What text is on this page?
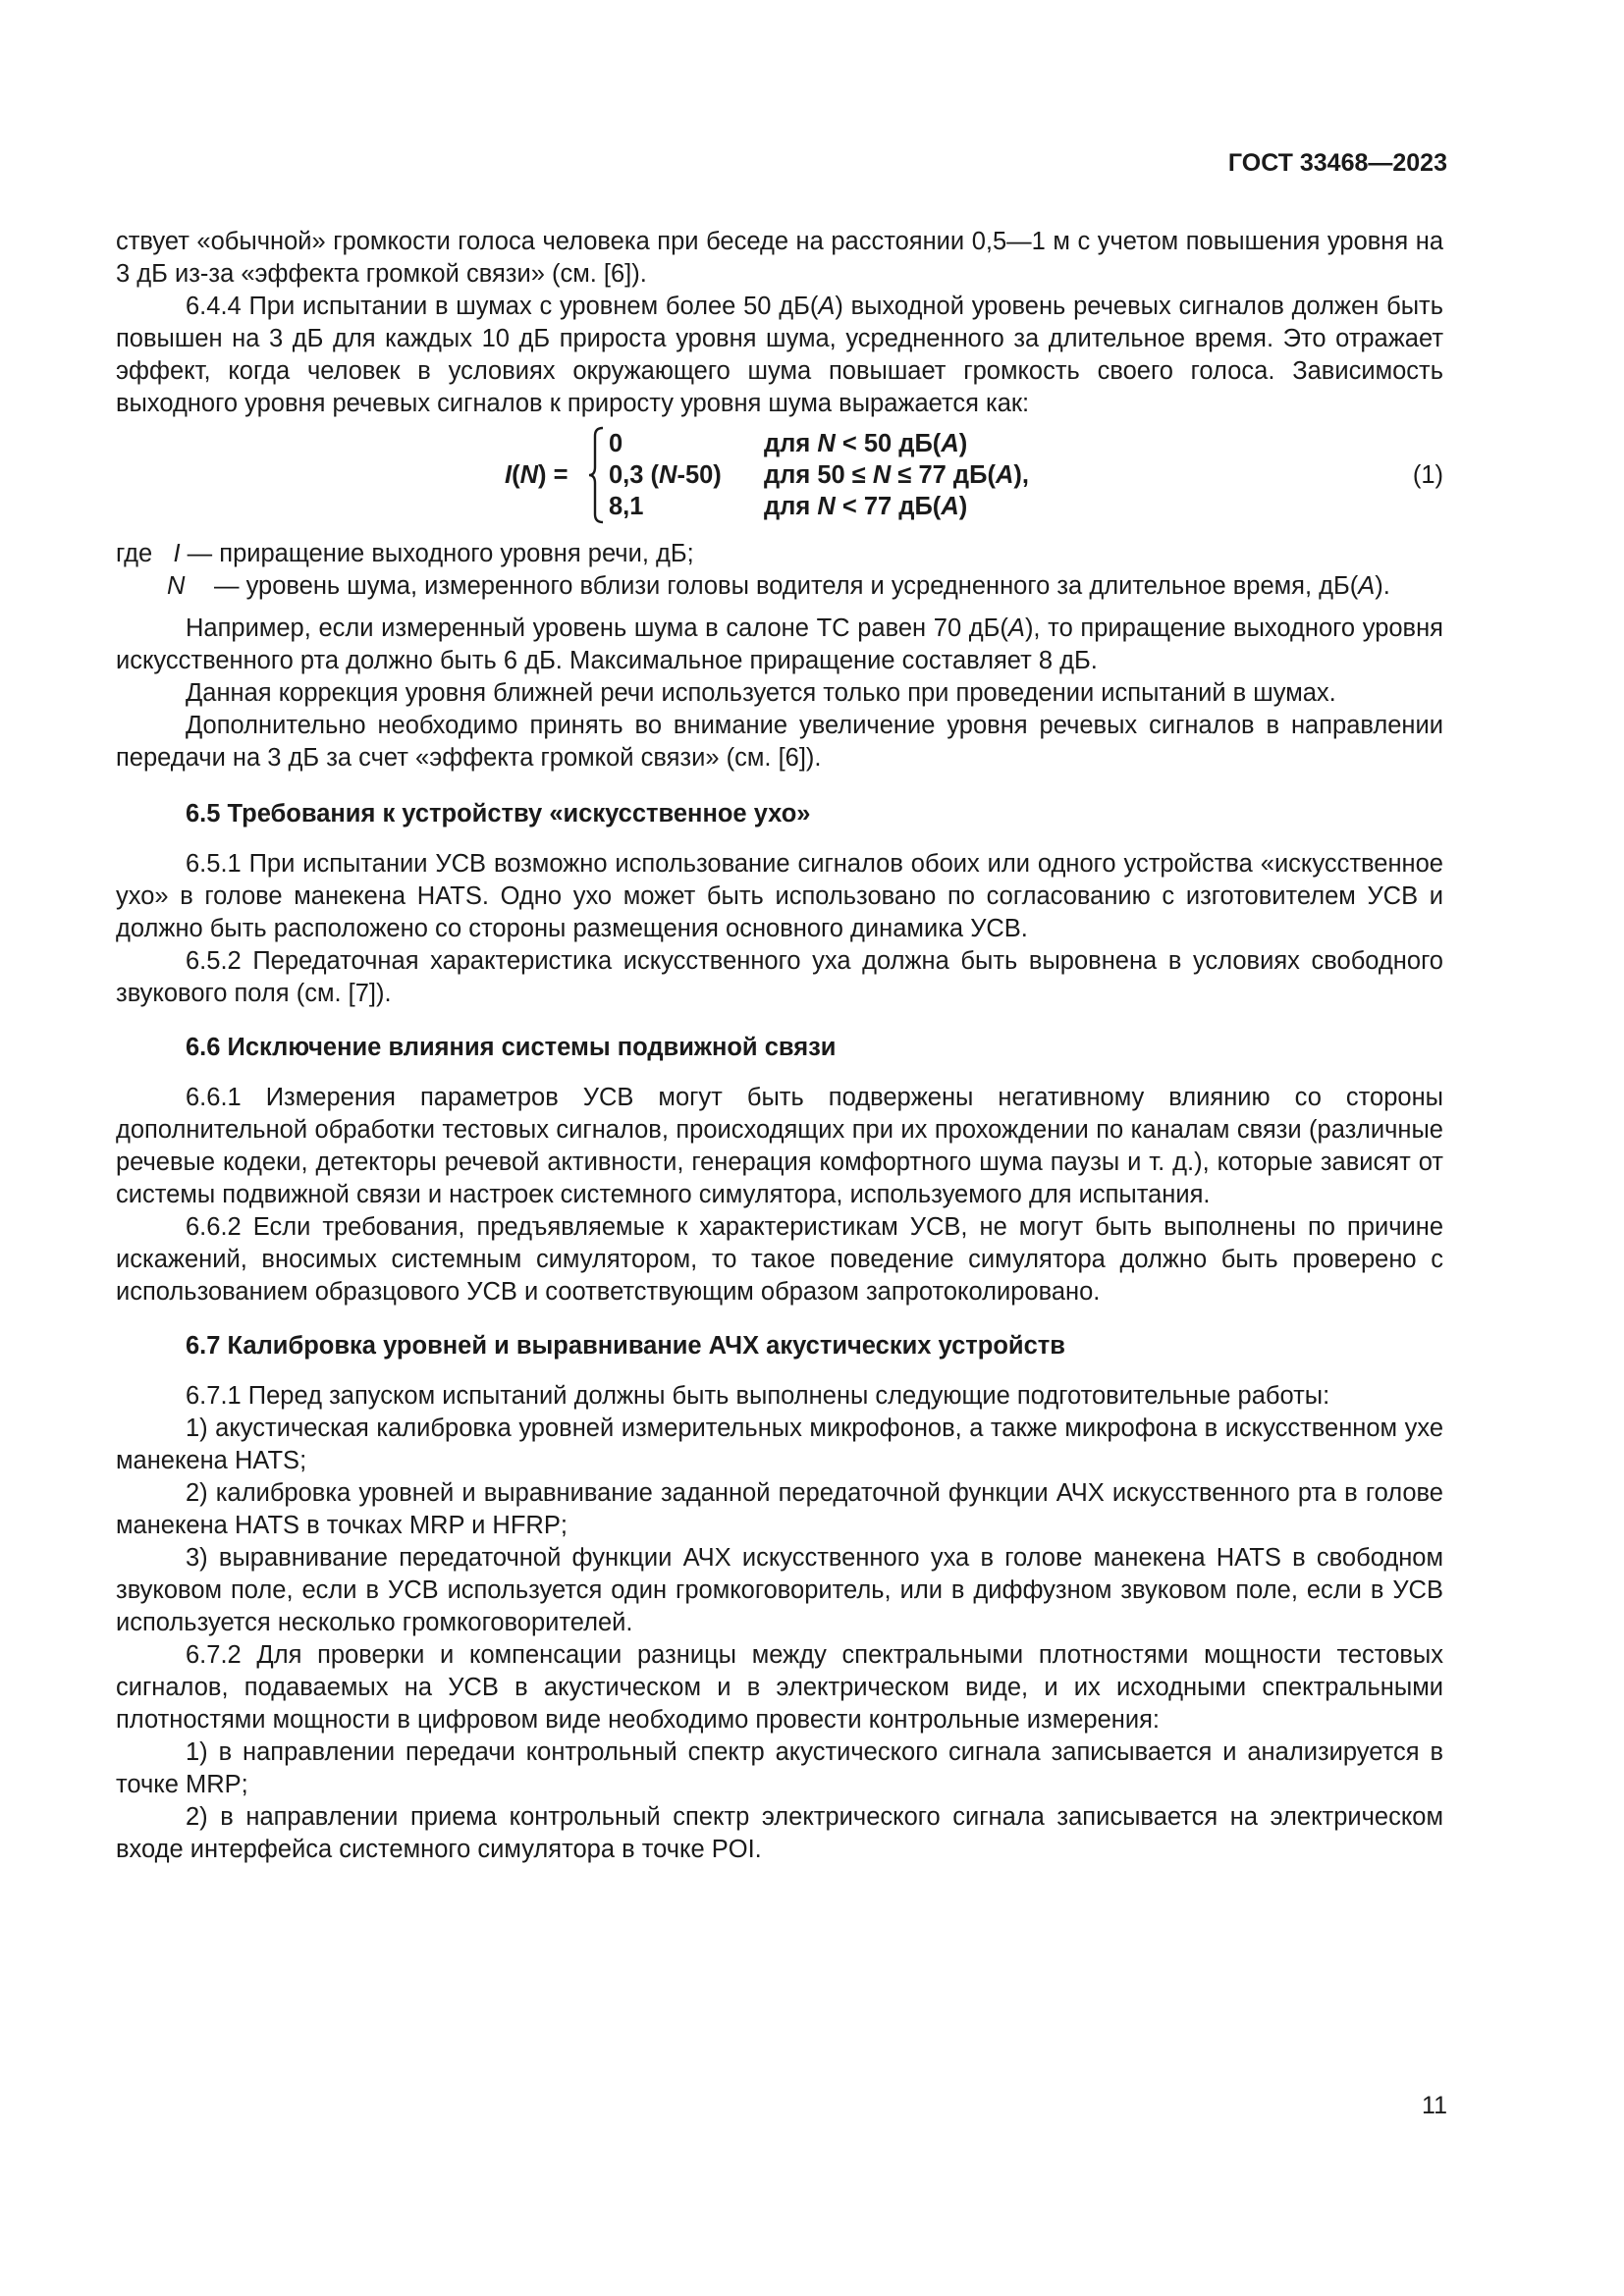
ГОСТ 33468—2023

ствует «обычной» громкости голоса человека при беседе на расстоянии 0,5—1 м с учетом повышения уровня на 3 дБ из-за «эффекта громкой связи» (см. [6]).

6.4.4 При испытании в шумах с уровнем более 50 дБ(A) выходной уровень речевых сигналов должен быть повышен на 3 дБ для каждых 10 дБ прироста уровня шума, усредненного за длительное время. Это отражает эффект, когда человек в условиях окружающего шума повышает громкость своего голоса. Зависимость выходного уровня речевых сигналов к приросту уровня шума выражается как:

I(N) =
0
0,3 (N-50)
8,1
для N < 50 дБ(A)
для 50 ≤ N ≤ 77 дБ(A),
для N < 77 дБ(A)
(1)
где I — приращение выходного уровня речи, дБ;
N	— уровень шума, измеренного вблизи головы водителя и усредненного за длительное время, дБ(A).

Например, если измеренный уровень шума в салоне ТС равен 70 дБ(A), то приращение выходного уровня искусственного рта должно быть 6 дБ. Максимальное приращение составляет 8 дБ.

Данная коррекция уровня ближней речи используется только при проведении испытаний в шумах.

Дополнительно необходимо принять во внимание увеличение уровня речевых сигналов в направлении передачи на 3 дБ за счет «эффекта громкой связи» (см. [6]).

6.5 Требования к устройству «искусственное ухо»

6.5.1 При испытании УСВ возможно использование сигналов обоих или одного устройства «искусственное ухо» в голове манекена HATS. Одно ухо может быть использовано по согласованию с изготовителем УСВ и должно быть расположено со стороны размещения основного динамика УСВ.

6.5.2 Передаточная характеристика искусственного уха должна быть выровнена в условиях свободного звукового поля (см. [7]).

6.6 Исключение влияния системы подвижной связи

6.6.1 Измерения параметров УСВ могут быть подвержены негативному влиянию со стороны дополнительной обработки тестовых сигналов, происходящих при их прохождении по каналам связи (различные речевые кодеки, детекторы речевой активности, генерация комфортного шума паузы и т. д.), которые зависят от системы подвижной связи и настроек системного симулятора, используемого для испытания.

6.6.2 Если требования, предъявляемые к характеристикам УСВ, не могут быть выполнены по причине искажений, вносимых системным симулятором, то такое поведение симулятора должно быть проверено с использованием образцового УСВ и соответствующим образом запротоколировано.

6.7 Калибровка уровней и выравнивание АЧХ акустических устройств

6.7.1 Перед запуском испытаний должны быть выполнены следующие подготовительные работы:

1) акустическая калибровка уровней измерительных микрофонов, а также микрофона в искусственном ухе манекена HATS;

2) калибровка уровней и выравнивание заданной передаточной функции АЧХ искусственного рта в голове манекена HATS в точках MRP и HFRP;

3) выравнивание передаточной функции АЧХ искусственного уха в голове манекена HATS в свободном звуковом поле, если в УСВ используется один громкоговоритель, или в диффузном звуковом поле, если в УСВ используется несколько громкоговорителей.

6.7.2 Для проверки и компенсации разницы между спектральными плотностями мощности тестовых сигналов, подаваемых на УСВ в акустическом и в электрическом виде, и их исходными спектральными плотностями мощности в цифровом виде необходимо провести контрольные измерения:

1) в направлении передачи контрольный спектр акустического сигнала записывается и анализируется в точке MRP;

2) в направлении приема контрольный спектр электрического сигнала записывается на электрическом входе интерфейса системного симулятора в точке POI.

11
